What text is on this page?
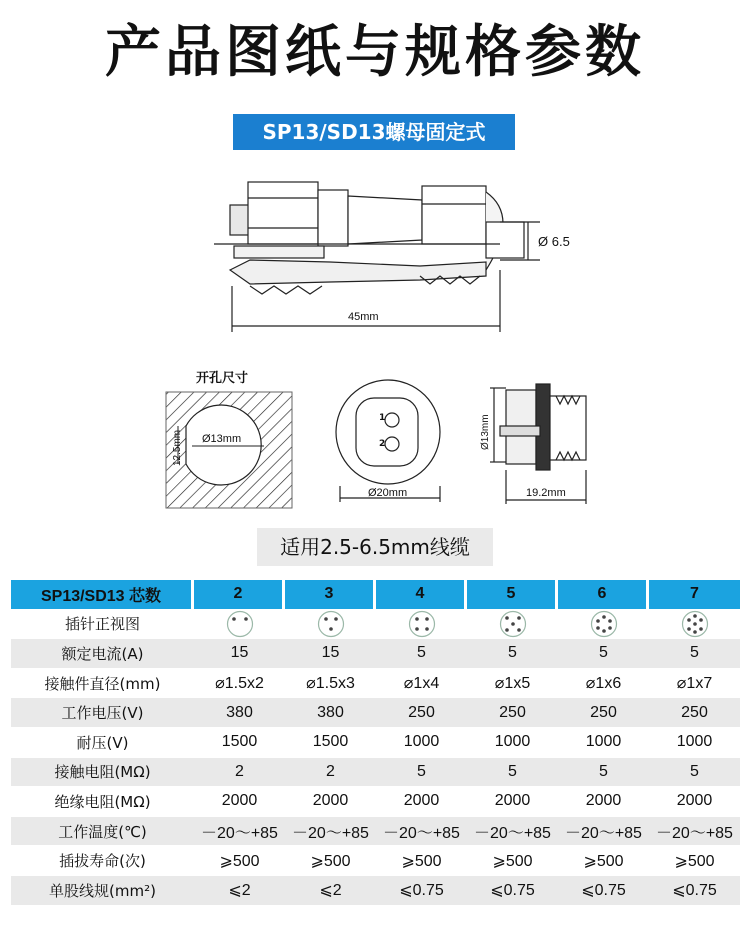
产品图纸与规格参数
SP13/SD13螺母固定式
Ø 6.5
45mm
开孔尺寸
12.5mm Ø13mm
1
2
Ø20mm
Ø13mm
19.2mm
适用2.5-6.5mm线缆
SP13/SD13 芯数	2	3	4	5	6	7
插针正视图						
额定电流(A)	15	15	5	5	5	5
接触件直径(mm)	⌀1.5x2	⌀1.5x3	⌀1x4	⌀1x5	⌀1x6	⌀1x7
工作电压(V)	380	380	250	250	250	250
耐压(V)	1500	1500	1000	1000	1000	1000
接触电阻(MΩ)	2	2	5	5	5	5
绝缘电阻(MΩ)	2000	2000	2000	2000	2000	2000
工作温度(℃)	－20～+85	－20～+85	－20～+85	－20～+85	－20～+85	－20～+85
插拔寿命(次)	⩾500	⩾500	⩾500	⩾500	⩾500	⩾500
单股线规(mm²)	⩽2	⩽2	⩽0.75	⩽0.75	⩽0.75	⩽0.75
